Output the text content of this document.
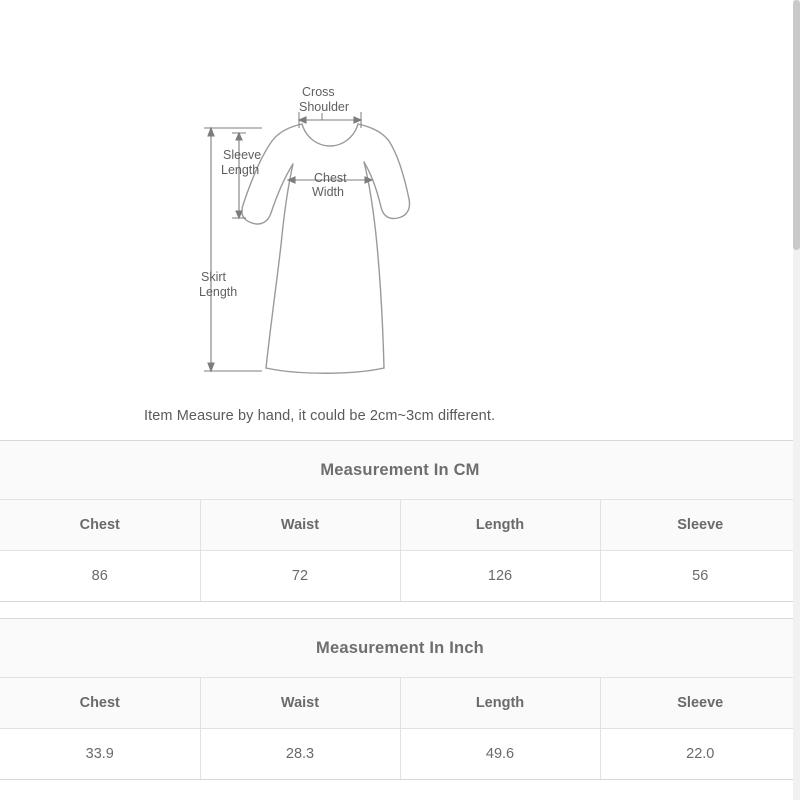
Cross
Shoulder
Sleeve
Length
Chest
Width
Skirt
Length
Item Measure by hand, it could be 2cm~3cm different.
Measurement In CM
Chest	Waist	Length	Sleeve
86	72	126	56
Measurement In Inch
Chest	Waist	Length	Sleeve
33.9	28.3	49.6	22.0
